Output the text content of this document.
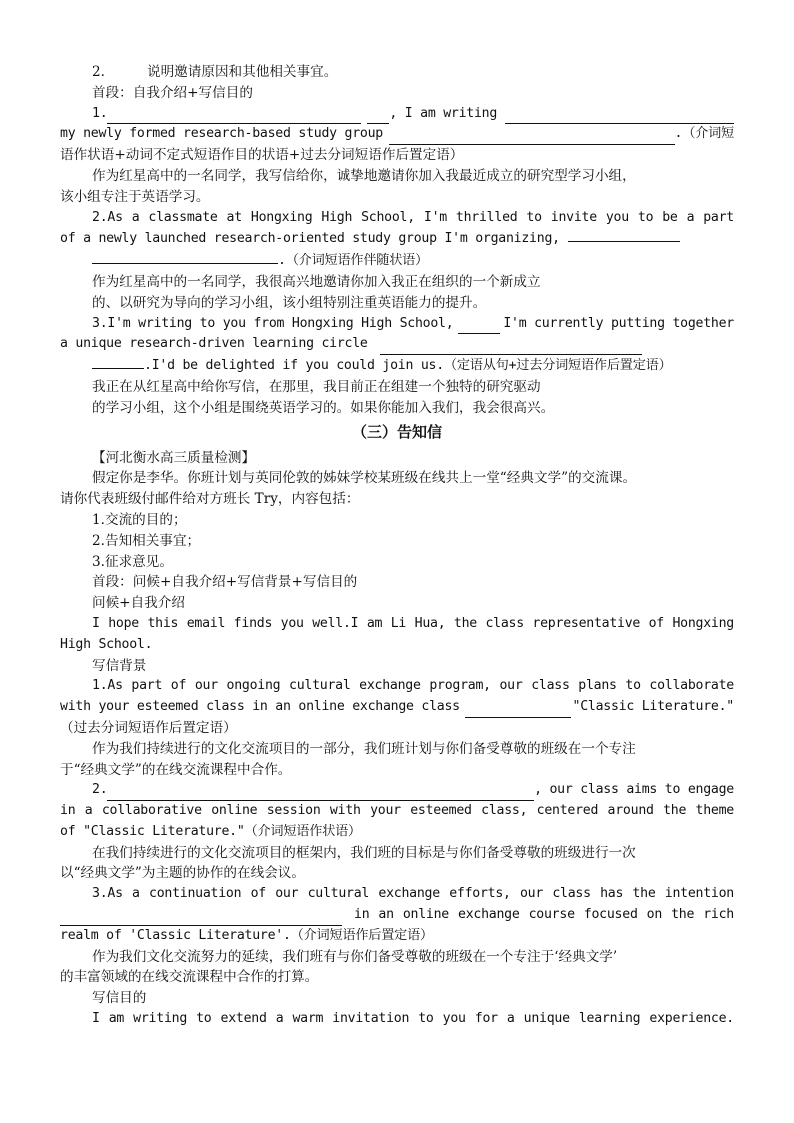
2.	说明邀请原因和其他相关事宜。
首段：自我介绍+写信目的
1.	, I am writing
my newly formed research-based study group	.（介词短
语作状语+动词不定式短语作目的状语+过去分词短语作后置定语）
作为红星高中的一名同学，我写信给你，诚挚地邀请你加入我最近成立的研究型学习小组，
该小组专注于英语学习。
2.As a classmate at Hongxing High School, I'm thrilled to invite you to be a part
of a newly launched research-oriented study group I'm organizing,
.（介词短语作伴随状语）
作为红星高中的一名同学，我很高兴地邀请你加入我正在组织的一个新成立
的、以研究为导向的学习小组，该小组特别注重英语能力的提升。
3.I'm writing to you from Hongxing High School,	I'm currently putting together
a unique research-driven learning circle
.I'd be delighted if you could join us.（定语从句+过去分词短语作后置定语）
我正在从红星高中给你写信，在那里，我目前正在组建一个独特的研究驱动
的学习小组，这个小组是围绕英语学习的。如果你能加入我们，我会很高兴。
（三）告知信
【河北衡水高三质量检测】
假定你是李华。你班计划与英同伦敦的姊妹学校某班级在线共上一堂“经典文学”的交流课。
请你代表班级付邮件给对方班长 Try，内容包括：
1.交流的目的；
2.告知相关事宜；
3.征求意见。
首段：问候+自我介绍+写信背景+写信目的
问候+自我介绍
I hope this email finds you well.I am Li Hua, the class representative of Hongxing
High School.
写信背景
1.As part of our ongoing cultural exchange program, our class plans to collaborate
with your esteemed class in an online exchange class	"Classic Literature."
（过去分词短语作后置定语）
作为我们持续进行的文化交流项目的一部分，我们班计划与你们备受尊敬的班级在一个专注
于“经典文学”的在线交流课程中合作。
2.	, our class aims to engage
in a collaborative online session with your esteemed class, centered around the theme
of "Classic Literature."（介词短语作状语）
在我们持续进行的文化交流项目的框架内，我们班的目标是与你们备受尊敬的班级进行一次
以“经典文学”为主题的协作的在线会议。
3.As a continuation of our cultural exchange efforts, our class has the intention
in an online exchange course focused on the rich
realm of 'Classic Literature'.（介词短语作后置定语）
作为我们文化交流努力的延续，我们班有与你们备受尊敬的班级在一个专注于‘经典文学’
的丰富领域的在线交流课程中合作的打算。
写信目的
I am writing to extend a warm invitation to you for a unique learning experience.
